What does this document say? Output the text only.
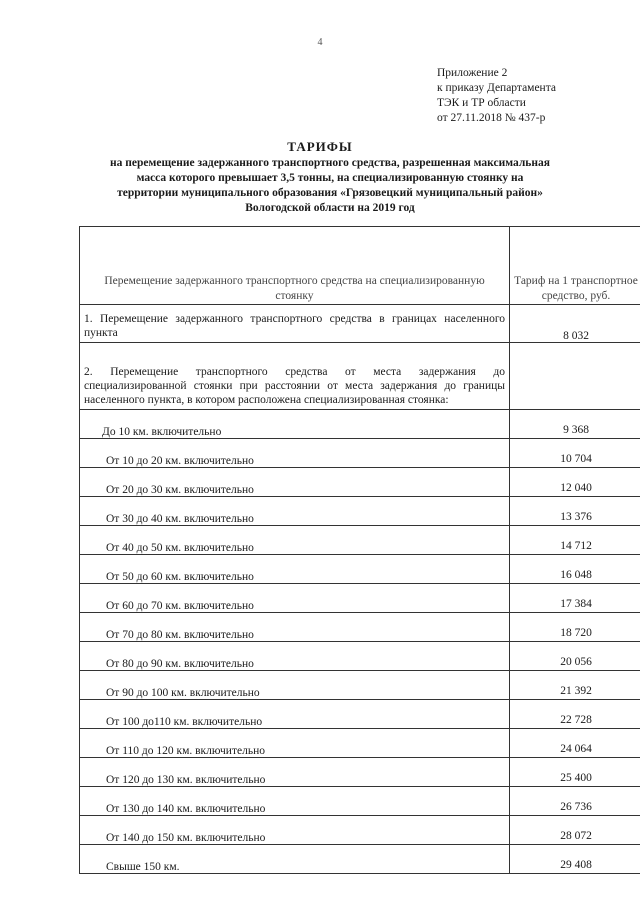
4
Приложение 2
к приказу Департамента
ТЭК и ТР области
от 27.11.2018 № 437-р
ТАРИФЫ
на перемещение задержанного транспортного средства, разрешенная максимальная
масса которого превышает 3,5 тонны, на специализированную стоянку на
территории муниципального образования «Грязовецкий муниципальный район»
Вологодской области на 2019 год
Перемещение задержанного транспортного средства на специализированную стоянку	Тариф на 1 транспортное средство, руб.
1. Перемещение задержанного транспортного средства в границах населенного пункта	8 032
2. Перемещение транспортного средства от места задержания до специализированной стоянки при расстоянии от места задержания до границы населенного пункта, в котором расположена специализированная стоянка:	
До 10 км. включительно	9 368
От 10 до 20 км. включительно	10 704
От 20 до 30 км. включительно	12 040
От 30 до 40 км. включительно	13 376
От 40 до 50 км. включительно	14 712
От 50 до 60 км. включительно	16 048
От 60 до 70 км. включительно	17 384
От 70 до 80 км. включительно	18 720
От 80 до 90 км. включительно	20 056
От 90 до 100 км. включительно	21 392
От 100 до110 км. включительно	22 728
От 110 до 120 км. включительно	24 064
От 120 до 130 км. включительно	25 400
От 130 до 140 км. включительно	26 736
От 140 до 150 км. включительно	28 072
Свыше 150 км.	29 408
